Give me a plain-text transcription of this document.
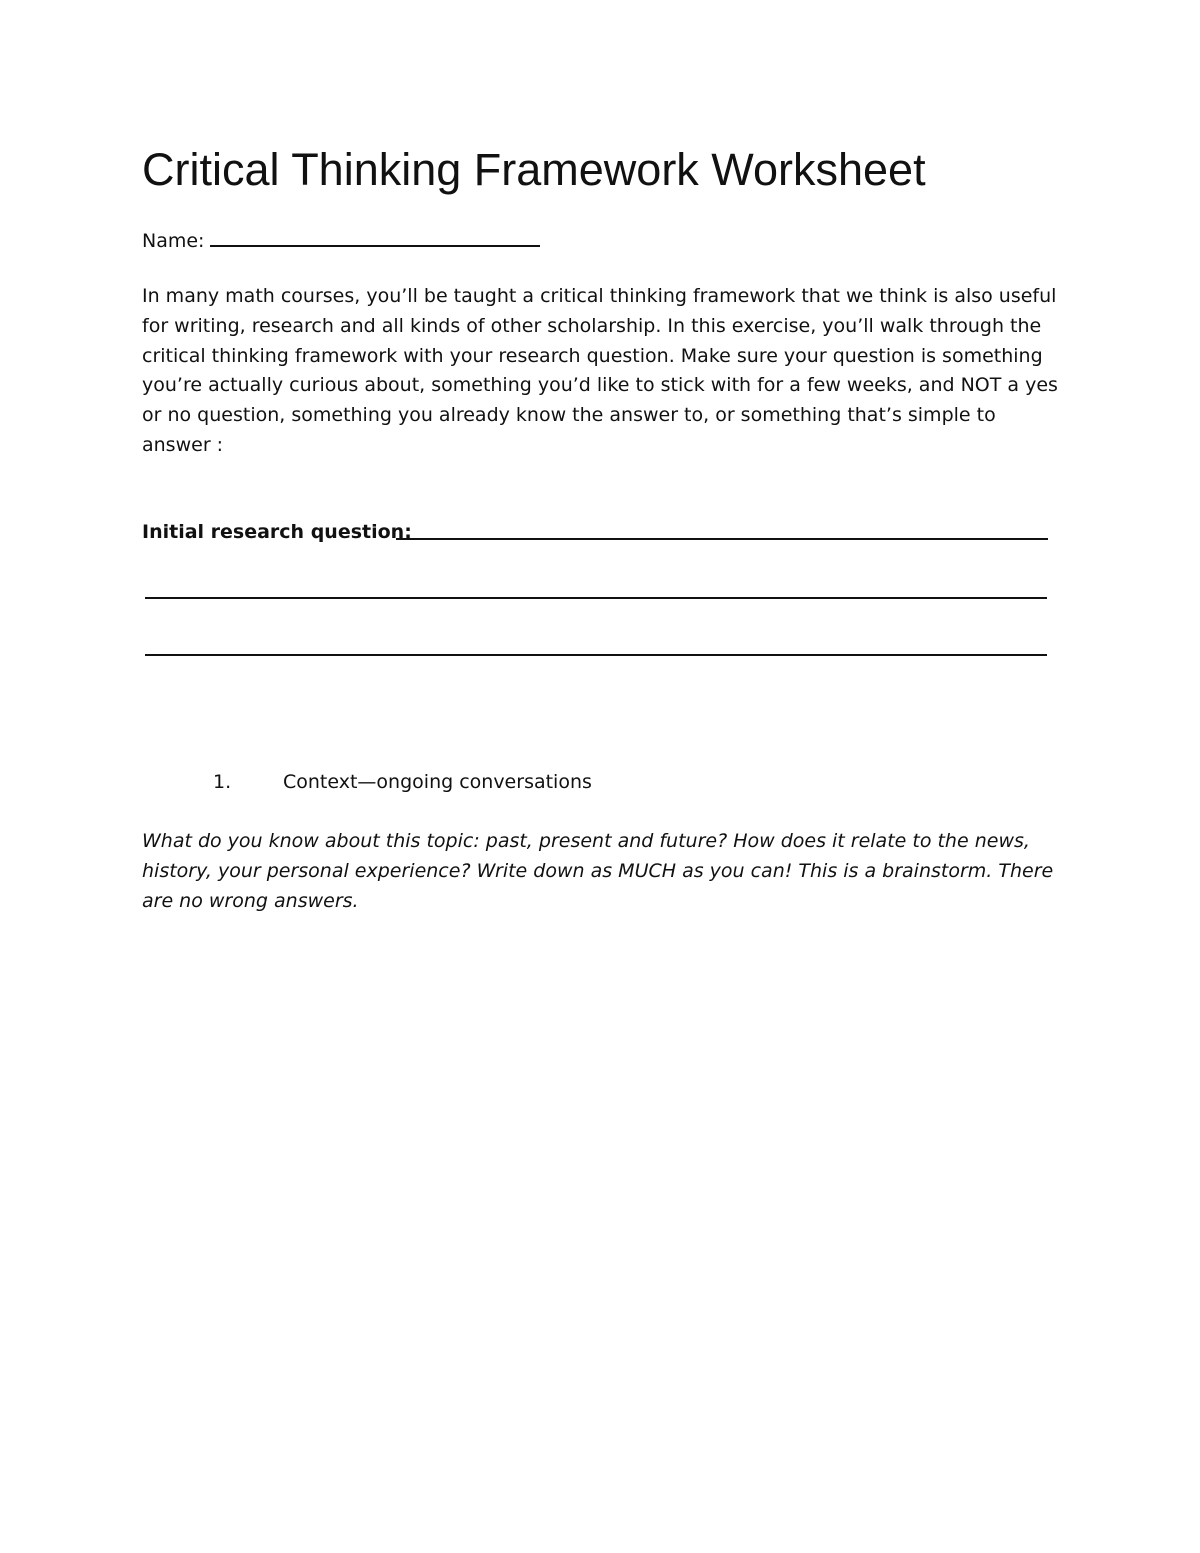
Critical Thinking Framework Worksheet
Name:
In many math courses, you’ll be taught a critical thinking framework that we think is also useful for writing, research and all kinds of other scholarship. In this exercise, you’ll walk through the critical thinking framework with your research question. Make sure your question is something you’re actually curious about, something you’d like to stick with for a few weeks, and NOT a yes or no question, something you already know the answer to, or something that’s simple to answer :
Initial research question:
1.	Context—ongoing conversations
What do you know about this topic: past, present and future? How does it relate to the news, history, your personal experience? Write down as MUCH as you can! This is a brainstorm. There are no wrong answers.
